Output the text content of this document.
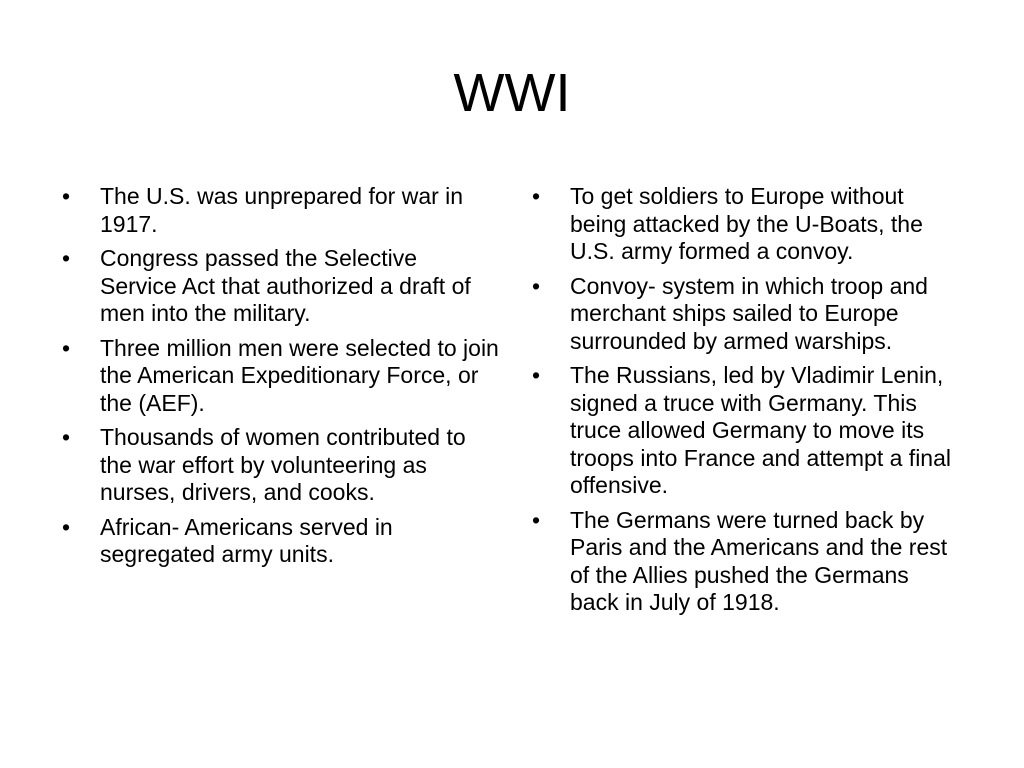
WWI
•	The U.S. was unprepared for war in 1917.
•	Congress passed the Selective Service Act that authorized a draft of men into the military.
•	Three million men were selected to join the American Expeditionary Force, or the (AEF).
•	Thousands of women contributed to the war effort by volunteering as nurses, drivers, and cooks.
•	African- Americans served in segregated army units.
•	To get soldiers to Europe without being attacked by the U-Boats, the U.S. army formed a convoy.
•	Convoy- system in which troop and merchant ships sailed to Europe surrounded by armed warships.
•	The Russians, led by Vladimir Lenin, signed a truce with Germany. This truce allowed Germany to move its troops into France and attempt a final offensive.
•	The Germans were turned back by Paris and the Americans and the rest of the Allies pushed the Germans back in July of 1918.
